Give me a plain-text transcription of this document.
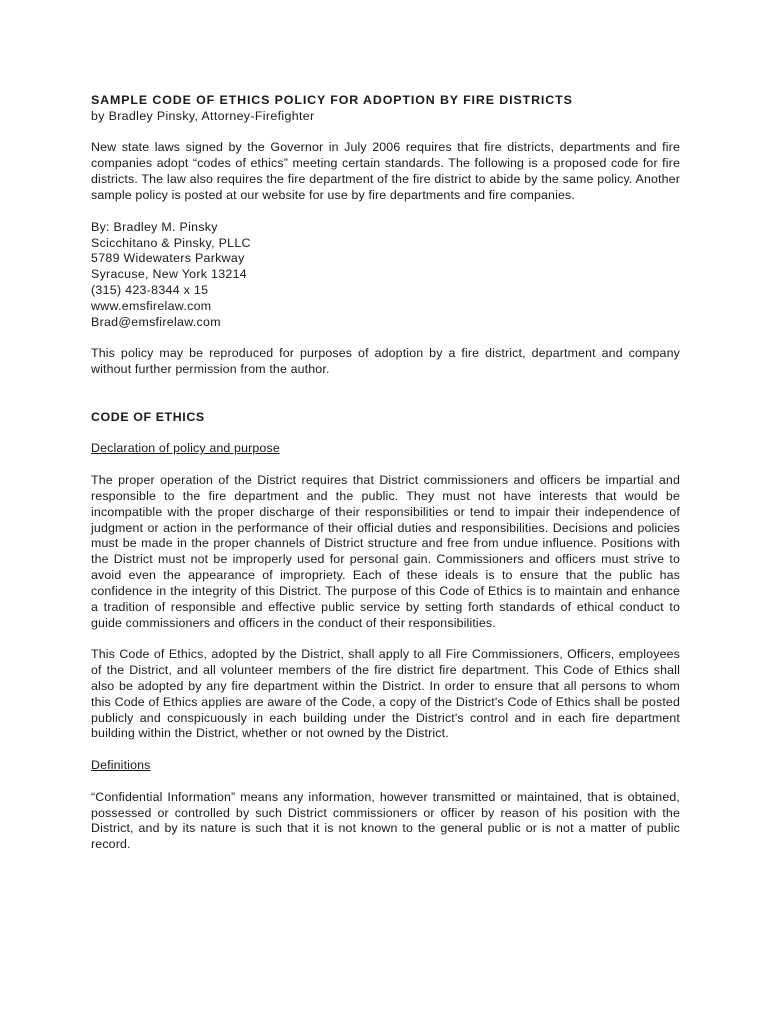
SAMPLE CODE OF ETHICS POLICY FOR ADOPTION BY FIRE DISTRICTS

by Bradley Pinsky, Attorney-Firefighter

New state laws signed by the Governor in July 2006 requires that fire districts, departments and fire companies adopt “codes of ethics” meeting certain standards. The following is a proposed code for fire districts. The law also requires the fire department of the fire district to abide by the same policy. Another sample policy is posted at our website for use by fire departments and fire companies.

By: Bradley M. Pinsky

Scicchitano & Pinsky, PLLC

5789 Widewaters Parkway

Syracuse, New York 13214

(315) 423-8344 x 15

www.emsfirelaw.com

Brad@emsfirelaw.com

This policy may be reproduced for purposes of adoption by a fire district, department and company without further permission from the author.

CODE OF ETHICS

Declaration of policy and purpose

The proper operation of the District requires that District commissioners and officers be impartial and responsible to the fire department and the public. They must not have interests that would be incompatible with the proper discharge of their responsibilities or tend to impair their independence of judgment or action in the performance of their official duties and responsibilities. Decisions and policies must be made in the proper channels of District structure and free from undue influence. Positions with the District must not be improperly used for personal gain. Commissioners and officers must strive to avoid even the appearance of impropriety. Each of these ideals is to ensure that the public has confidence in the integrity of this District. The purpose of this Code of Ethics is to maintain and enhance a tradition of responsible and effective public service by setting forth standards of ethical conduct to guide commissioners and officers in the conduct of their responsibilities.

This Code of Ethics, adopted by the District, shall apply to all Fire Commissioners, Officers, employees of the District, and all volunteer members of the fire district fire department. This Code of Ethics shall also be adopted by any fire department within the District. In order to ensure that all persons to whom this Code of Ethics applies are aware of the Code, a copy of the District's Code of Ethics shall be posted publicly and conspicuously in each building under the District's control and in each fire department building within the District, whether or not owned by the District.

Definitions

“Confidential Information” means any information, however transmitted or maintained, that is obtained, possessed or controlled by such District commissioners or officer by reason of his position with the District, and by its nature is such that it is not known to the general public or is not a matter of public record.
